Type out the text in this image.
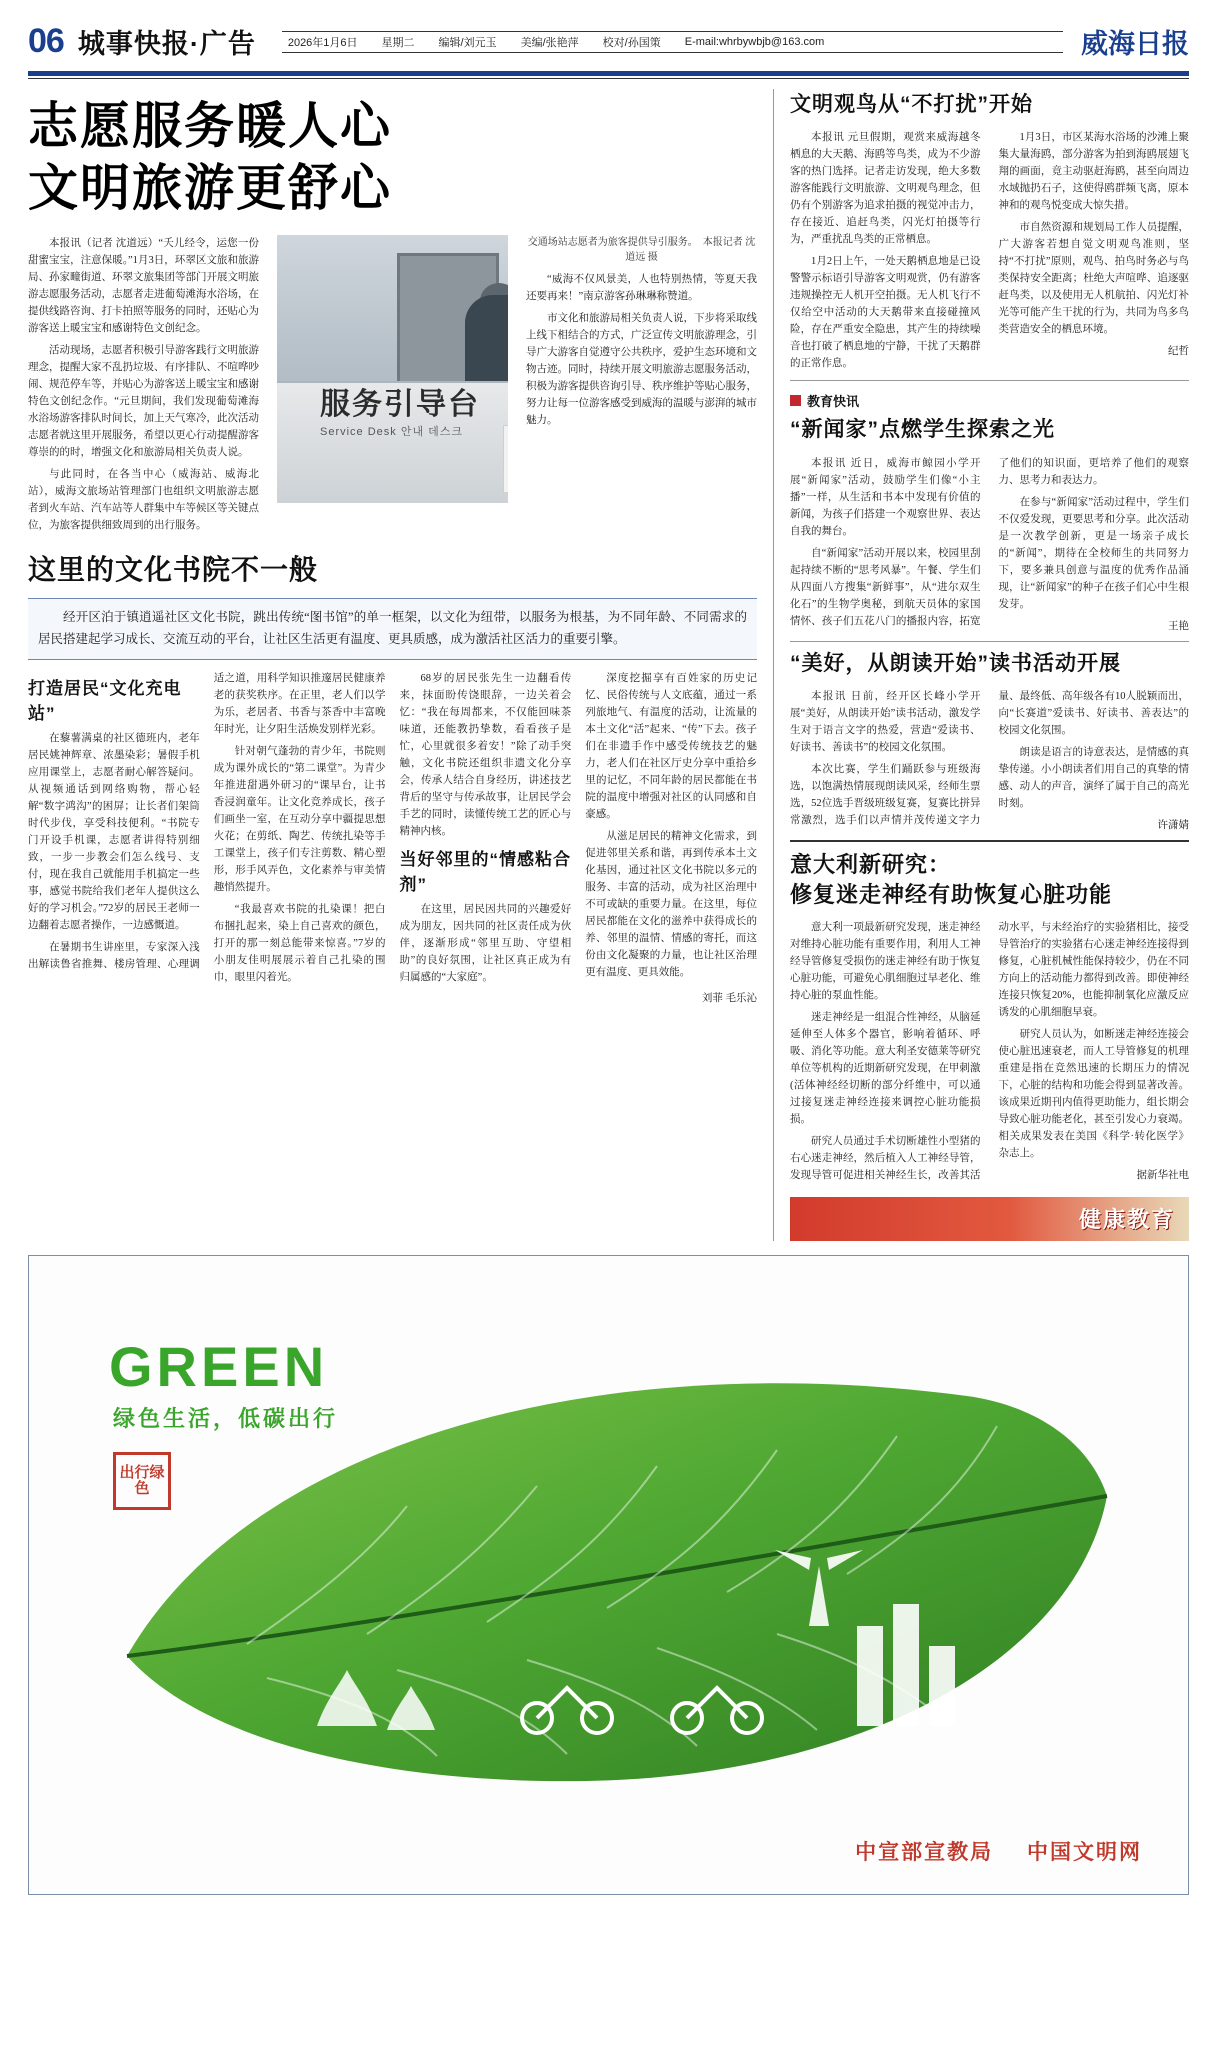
06 城事快报·广告	2026年1月6日 星期二 编辑/刘元玉 美编/张艳萍 校对/孙国策 E-mail:whrbywbjb@163.com	威海日报
志愿服务暖人心
文明旅游更舒心

本报讯（记者 沈道远）“夭儿经令，运您一份甜蜜宝宝，注意保暖。”1月3日，环翠区文旅和旅游局、孙家疃街道、环翠文旅集团等部门开展文明旅游志愿服务活动，志愿者走进葡萄滩海水浴场，在提供线路咨询、打卡拍照等服务的同时，还贴心为游客送上暖宝宝和感谢特色文创纪念。

活动现场，志愿者积极引导游客践行文明旅游理念，提醒大家不乱扔垃圾、有序排队、不喧哗吵闹、规范停车等，并贴心为游客送上暖宝宝和感谢特色文创纪念作。“元旦期间，我们发现葡萄滩海水浴场游客排队时间长，加上天气寒冷，此次活动志愿者就这里开展服务，希望以更心行动提醒游客尊崇的的时，增强文化和旅游局相关负责人说。

与此同时，在各当中心（威海站、威海北站），威海文旅场站管理部门也组织文明旅游志愿者到火车站、汽车站等人群集中车等候区等关键点位，为旅客提供细致周到的出行服务。

服务引导台
Service Desk 안내 데스크
交通场站志愿者为旅客提供导引服务。　本报记者 沈道远 摄

“威海不仅风景美，人也特别热情，等夏天我还要再来！”南京游客孙琳琳称赞道。

市文化和旅游局相关负责人说，下步将采取线上线下相结合的方式，广泛宣传文明旅游理念，引导广大游客自觉遵守公共秩序，爱护生态环境和文物古迹。同时，持续开展文明旅游志愿服务活动，积极为游客提供咨询引导、秩序维护等贴心服务，努力让每一位游客感受到威海的温暖与澎湃的城市魅力。

这里的文化书院不一般

经开区泊于镇逍遥社区文化书院，跳出传统“图书馆”的单一框架，以文化为纽带，以服务为根基，为不同年龄、不同需求的居民搭建起学习成长、交流互动的平台，让社区生活更有温度、更具质感，成为激活社区活力的重要引擎。

打造居民“文化充电站”

在藜薯满桌的社区德班内，老年居民姚神辉章、浓墨染彩；暑假手机应用课堂上，志愿者耐心解答疑问。从视频通话到网络购物，帮心轻解“数字鸿沟”的困屏；让长者们架筒时代步伐，享受科技便利。“书院专门开设手机课，志愿者讲得特别细致，一步一步教会们怎么线号、支付，现在我自己就能用手机搞定一些事，感觉书院给我们老年人提供这么好的学习机会。”72岁的居民王老师一边翻着志愿者操作，一边感慨道。

在暑期书生讲座里，专家深入浅出解读鲁省推舞、楼房管理、心理调适之道，用科学知识推邃居民健康养老的获奖秩序。在正里，老人们以学为乐，老居者、书香与茶香中丰富晚年时光，让夕阳生活焕发别样光彩。

针对朝气蓬勃的青少年，书院则成为课外成长的“第二课堂”。为青少年推进甜遇外研习的“课早台，让书香浸润童年。让文化竞养成长，孩子们画坐一室，在互动分享中疆提思想火花；在剪纸、陶艺、传统扎染等手工课堂上，孩子们专注剪数、精心塑形，形手风弄色，文化素养与审美情趣悄然提升。

“我最喜欢书院的扎染课！把白布捆扎起来，染上自己喜欢的颜色，打开的那一刻总能带来惊喜。”7岁的小朋友佳明展展示着自己扎染的围巾，眼里闪着光。

68岁的居民张先生一边翻看传来，抹面盼传饶眼辞，一边关着会忆：“我在每周都来，不仅能回味茶味道，还能教扔挚数，看看孩子是忙，心里就很多着安！”除了动手突触，文化书院还组织非遗文化分享会，传承人结合自身经历，讲述技艺背后的坚守与传承故事，让居民学会手艺的同时，读懂传统工艺的匠心与精神内核。

当好邻里的“情感粘合剂”

在这里，居民因共同的兴趣爱好成为朋友，因共同的社区责任成为伙伴，逐渐形成“邻里互助、守望相助”的良好氛围，让社区真正成为有归属感的“大家庭”。

深度挖掘享有百姓家的历史记忆、民俗传统与人文底蕴，通过一系列旅地气、有温度的活动，让流量的本土文化“活”起来、“传”下去。孩子们在非遗手作中感受传统技艺的魅力，老人们在社区厅史分享中重拾乡里的记忆，不同年龄的居民都能在书院的温度中增强对社区的认同感和自豪感。

从滋足居民的精神文化需求，到促进邻里关系和谐，再到传承本土文化基因，通过社区文化书院以多元的服务、丰富的活动，成为社区治理中不可或缺的重要力量。在这里，每位居民都能在文化的滋养中获得成长的养、邻里的温情、情感的寄托，而这份由文化凝聚的力量，也让社区治理更有温度、更具效能。

刘菲 毛乐沁
文明观鸟从“不打扰”开始

本报讯 元旦假期，观赏来威海越冬栖息的大天鹅、海鸥等鸟类，成为不少游客的热门选择。记者走访发现，绝大多数游客能践行文明旅游、文明观鸟理念，但仍有个别游客为追求拍摄的视觉冲击力，存在接近、追赶鸟类，闪光灯拍摄等行为，严重扰乱鸟类的正常栖息。

1月2日上午，一处天鹅栖息地是已设警警示标语引导游客文明观赏，仍有游客违规操控无人机开空拍摄。无人机飞行不仅给空中活动的大天鹅带来直接碰撞风险，存在严重安全隐患，其产生的持续噪音也打破了栖息地的宁静，干扰了天鹅群的正常作息。

1月3日，市区某海水浴场的沙滩上聚集大量海鸥，部分游客为拍到海鸥展翅飞翔的画面，竟主动驱赶海鸥，甚至向周边水域抛扔石子，这使得鸥群频飞离，原本神和的观鸟悦变成大惊失措。

市自然资源和规划局工作人员提醒，广大游客若想自觉文明观鸟准则，坚持“不打扰”原则，观鸟、拍鸟时务必与鸟类保持安全距离；杜绝大声喧哗、追逐驱赶鸟类，以及使用无人机航拍、闪光灯补光等可能产生干扰的行为，共同为鸟多鸟类营造安全的栖息环境。

纪哲
教育快讯
“新闻家”点燃学生探索之光

本报讯 近日，威海市鲸园小学开展“新闻家”活动，鼓励学生们像“小主播”一样，从生活和书本中发现有价值的新闻，为孩子们搭建一个观察世界、表达自我的舞台。

自“新闻家”活动开展以来，校园里刮起持续不断的“思考风暴”。午餐、学生们从四面八方搜集“新鲜事”，从“进尔双生化石”的生物学奥秘，到航天员体的家国情怀、孩子们五花八门的播报内容，拓宽了他们的知识面，更培养了他们的观察力、思考力和表达力。

在参与“新闻家”活动过程中，学生们不仅爱发现，更要思考和分享。此次活动是一次教学创新，更是一场亲子成长的“新闻”，期待在全校师生的共同努力下，要多兼具创意与温度的优秀作品涌现，让“新闻家”的种子在孩子们心中生根发芽。

王艳
“美好，从朗读开始”读书活动开展

本报讯 日前，经开区长峰小学开展“美好，从朗读开始”读书活动，激发学生对于语言文字的热爱，营造“爱读书、好读书、善读书”的校园文化氛围。

本次比赛，学生们踊跃参与班级海选，以饱满热情展现朗读风采，经师生票选，52位选手晋级班级复赛，复赛比拼异常激烈，选手们以声情并茂传递文字力量、最终低、高年级各有10人脱颖而出，向“长赛道”爱读书、好读书、善表达”的校园文化氛围。

朗读是语言的诗意表达，是情感的真挚传递。小小朗读者们用自己的真挚的情感、动人的声音，演绎了属于自己的高光时刻。

许潇婧
意大利新研究：
修复迷走神经有助恢复心脏功能

意大利一项最新研究发现，迷走神经对维持心脏功能有重要作用，利用人工神经导管修复受损伤的迷走神经有助于恢复心脏功能，可避免心肌细胞过早老化、维持心脏的泵血性能。

迷走神经是一组混合性神经，从脑延延伸至人体多个器官，影响着循环、呼吸、消化等功能。意大利圣安德莱等研究单位等机构的近期新研究发现，在甲刺激(活体神经经切断的部分纤维中，可以通过接复迷走神经连接来调控心脏功能损损。

研究人员通过手术切断雄性小型猪的右心迷走神经，然后植入人工神经导管，发现导管可促进相关神经生长，改善其活动水平，与未经治疗的实验猪相比，接受导管治疗的实验猪右心迷走神经连接得到修复，心脏机械性能保持较少，仍在不同方向上的活动能力都得到改善。即使神经连接只恢复20%，也能抑制氧化应激反应诱发的心肌细胞早衰。

研究人员认为，如断迷走神经连接会使心脏迅速衰老，而人工导管修复的机理重建是指在竞然迅速的长期压力的情况下，心脏的结构和功能会得到显著改善。该成果近期刊内值得更助能力，组长期会导致心脏功能老化，甚至引发心力衰竭。相关成果发表在美国《科学·转化医学》杂志上。

据新华社电

健康教育
GREEN
绿色生活，低碳出行
出行绿色
中宣部宣教局 中国文明网
